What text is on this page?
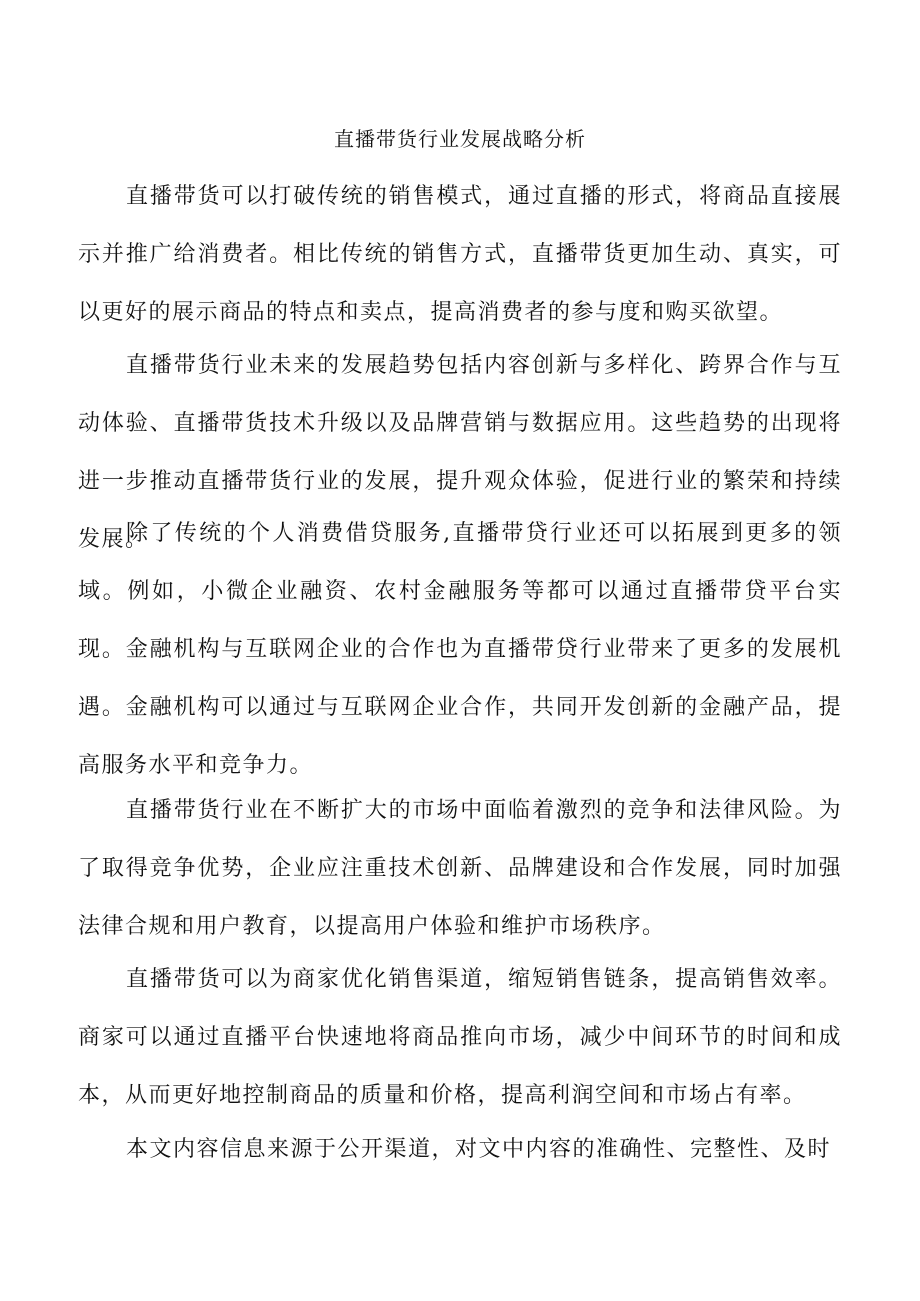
直播带货行业发展战略分析

直播带货可以打破传统的销售模式，通过直播的形式，将商品直接展示并推广给消费者。相比传统的销售方式，直播带货更加生动、真实，可以更好的展示商品的特点和卖点，提高消费者的参与度和购买欲望。

直播带货行业未来的发展趋势包括内容创新与多样化、跨界合作与互动体验、直播带货技术升级以及品牌营销与数据应用。这些趋势的出现将进一步推动直播带货行业的发展，提升观众体验，促进行业的繁荣和持续发展。

除了传统的个人消费借贷服务,直播带贷行业还可以拓展到更多的领域。例如，小微企业融资、农村金融服务等都可以通过直播带贷平台实现。金融机构与互联网企业的合作也为直播带贷行业带来了更多的发展机遇。金融机构可以通过与互联网企业合作，共同开发创新的金融产品，提高服务水平和竞争力。

直播带货行业在不断扩大的市场中面临着激烈的竞争和法律风险。为了取得竞争优势，企业应注重技术创新、品牌建设和合作发展，同时加强法律合规和用户教育，以提高用户体验和维护市场秩序。

直播带货可以为商家优化销售渠道，缩短销售链条，提高销售效率。商家可以通过直播平台快速地将商品推向市场，减少中间环节的时间和成本，从而更好地控制商品的质量和价格，提高利润空间和市场占有率。

本文内容信息来源于公开渠道，对文中内容的准确性、完整性、及时
